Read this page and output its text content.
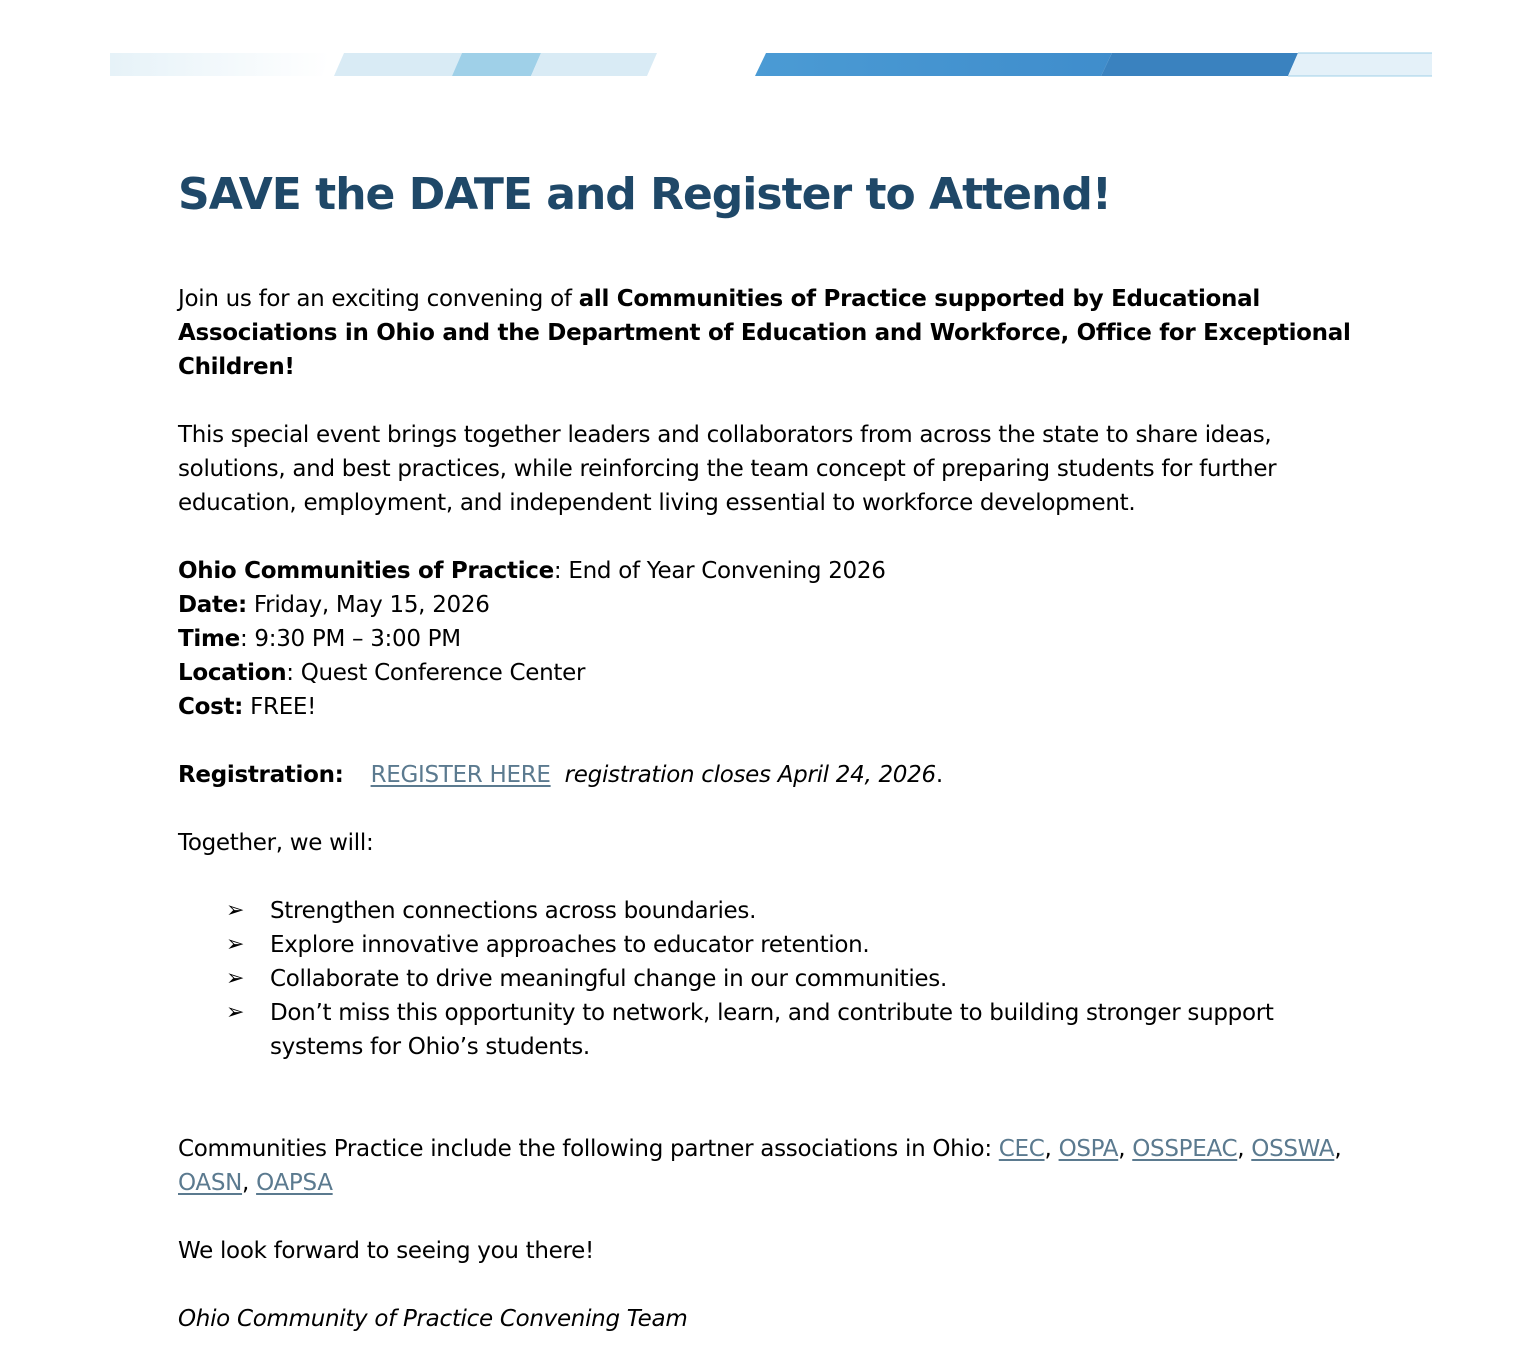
SAVE the DATE and Register to Attend!

Join us for an exciting convening of all Communities of Practice supported by Educational Associations in Ohio and the Department of Education and Workforce, Office for Exceptional Children!

This special event brings together leaders and collaborators from across the state to share ideas, solutions, and best practices, while reinforcing the team concept of preparing students for further education, employment, and independent living essential to workforce development.

Ohio Communities of Practice: End of Year Convening 2026

Date: Friday, May 15, 2026

Time: 9:30 PM – 3:00 PM

Location: Quest Conference Center

Cost: FREE!

Registration: REGISTER HERE registration closes April 24, 2026.

Together, we will:

➢ Strengthen connections across boundaries.
➢ Explore innovative approaches to educator retention.
➢ Collaborate to drive meaningful change in our communities.
➢ Don’t miss this opportunity to network, learn, and contribute to building stronger support systems for Ohio’s students.

Communities Practice include the following partner associations in Ohio: CEC, OSPA, OSSPEAC, OSSWA, OASN, OAPSA

We look forward to seeing you there!

Ohio Community of Practice Convening Team
